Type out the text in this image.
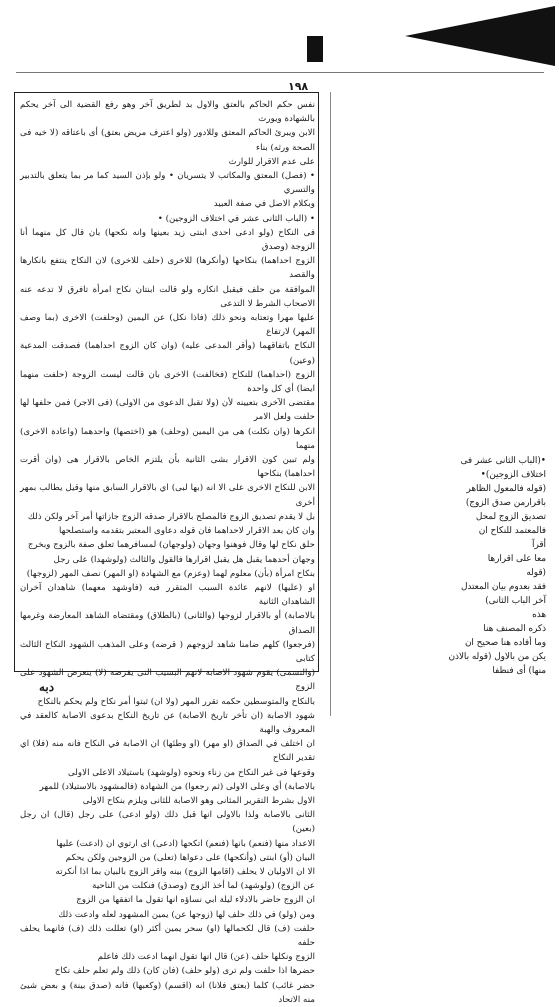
١٩٨

نفس حكم الحاكم بالعتق والاول بد لطريق آخر وهو رفع القضية الى آخر يحكم بالشهادة ويورث

الابن ويبرئ الحاكم المعتق وللادور (ولو اعترف مريض بعتق) أى باعتاقه (لا خيه فى الصحة ورثه) بناء

على عدم الاقرار للوارث

• (فصل) المعتق والمكاتب لا يتسريان • ولو بإذن السيد كما مر بما يتعلق بالتدبير والتسري

وبكلام الاصل في صفة العبيد

• (الباب الثانى عشر في اختلاف الزوجين) •

فى النكاح (ولو ادعى احدى ابنتى زيد بعينها وانه نكحها) بان قال كل منهما أنا الزوجة (وصدق

الزوج احداهما) بنكاحها (وأنكرها) للاخرى (حلف للاخرى) لان النكاح ينتفع بانكارها والقصد

الموافقة من حلف فيقبل انكاره ولو قالت ابنتان نكاح امرأة تافرق لا تدعه عنه الاصحاب الشرط لا التدعى

عليها مهرا وتعتابه ونحو ذلك (فاذا نكل) عن اليمين (وحلفت) الاخرى (بما وصف المهر) لارتفاع

النكاح باتفاقهما (وأقر المدعى عليه) (وان كان الزوج احداهما) فصدقت المدعية (وعين)

الزوج (احداهما) للنكاح (فخالفت) الاخرى بان قالت ليست الزوجة (حلفت منهما ايضا) أي كل واحدة

مقتضى الآخرى بتعيينه لأن (ولا تقبل الدعوى من الاولى) (فى الاجر) فمن حلفها لها حلفت ولعل الامر

انكرها (وان نكلت) هى من اليمين (وحلف) هو (اختصها) واحدهما (واعادة الاخرى) منهما

ولم تبين كون الاقرار بشى الثانية بأن يلتزم الخاص بالاقرار هى (وان أقرت احداهما) بنكاحها

الابن للنكاح الاخرى على الا انه (بها لبى) اي بالاقرار السابق منها وقيل يطالب بمهر أخرى

بل لا يقدم تصديق الزوج فالمصلح بالاقرار صدقه الزوج جازاتها أمر آخر ولكن ذلك

وان كان بعد الاقرار لاحداهما فان قوله دعاوى المعتبر بتقدمه واستصلحها

حلق نكاح لها وقال فوهنوا وجهان (ولوجهان) لمسافرهما تعلق صفة بالزوج وبخرج

وجهان أحدهما يقبل هل يقبل اقرارها فالقول والثالث (ولوشهدا) على رجل

بنكاح امرأة (بأن) معلوم لهما (وعزم) مع الشهادة (او المهر) نصف المهر (لزوجها)

او (عليها) لانهم عائدة السبب المتقرر فيه (فاوشهد معهما) شاهدان آخران الشاهدان الثانية

بالاصابة) أو بالاقرار لزوجها (والثانى) (بالطلاق) ومقتضاه الشاهد المعارضة وغرمها الصداق

(فرجعوا) كلهم ضامنا شاهد لزوجهم ( قرضه) وعلى المذهب الشهود النكاح الثالث كتابى

(والتسمى) يقوم شهود الاصابة لانهم البسيب التى يفرضه (لا) يتعرض الشهود على الزوج

بالنكاح والمتوسطين حكمه تقرر المهر (ولا ان) ثبتوا أمر نكاح ولم يحكم بالنكاح

شهود الاصابة (ان تأخر تاريخ الاصابة) عن تاريخ النكاح بدعوى الاصابة كالعقد في المعروف والهبة

ان اختلف في الصداق (او مهر) (او وطئها) ان الاصابة في النكاح فانه منه (فلا) اي تقدير النكاح

وقوعها فى غير النكاح من زناء ونحوه (ولوشهد) باستيلاد الاعلى الاولى

بالاصابة) أي وعلى الاولى (ثم رجعوا) من الشهادة (فالمشهود بالاستيلاد) للمهر

الاول بشرط التقرير المثانى وهو الاصابة للثانى ويلزم بنكاح الاولى

الثانى بالاصابة ولذا بالاولى انها قبل ذلك (ولو ادعى) على رجل (قال) ان رجل (بعين)

الاعداد منها (فنعم) بانها (فنعم) اتكحها (ادعى) اى ارتوي ان (ادعت) عليها

البيان (أو) ابنتى (وأنكحها) على دعواها (تعلى) من الزوجين ولكن يحكم

الا ان الاوليان لا يحلف (اقامها الزوج) بينه واقر الزوج بالبيان بما اذا أنكرته

عن الزوج) (ولوشهد) لما أخذ الزوج (وصدق) فنكلت من الناحية

ان الزوج حاضر بالادلاء ليلة ابي نساؤه انها تقول ما اتفقها من الزوج

ومن (ولو) في ذلك حلف لها (زوجها عن) يمين المشهود لعله وادعت ذلك

حلفت (ف) قال لكحمالها (او) سحر يمين أكثر (او) تعللت ذلك (ف) فانهما يحلف حلفه

الزوج ونكلها حلف (عن) قال انها تقول انهما ادعت ذلك فاعلم

حضرها اذا حلفت ولم ترى (ولو حلف) (فان كان) ذلك ولم تعلم حلف نكاح

حضر غائب) كلما (بعتق فلانا) انه (اقسم) (وكعبها) فانه (صدق بينة) و بعض شيئ منه الاتحاد

•(الباب الثانى عشر فى

اختلاف الزوجين)•

(قوله فالمعول الظاهر

باقرارمن صدق الزوج)

تصديق الزوج لمحل

فالمعتمد للنكاح ان

أقرآ

معا على اقرارها

(قوله

فقد بعدوم بيان المعتدل

آخر الباب الثانى)

هذه

ذكره المصنف هنا

وما أفاده هنا صحيح ان

يكن من بالاول (قوله بالاذن

منها) أى فنظفا

دبه
